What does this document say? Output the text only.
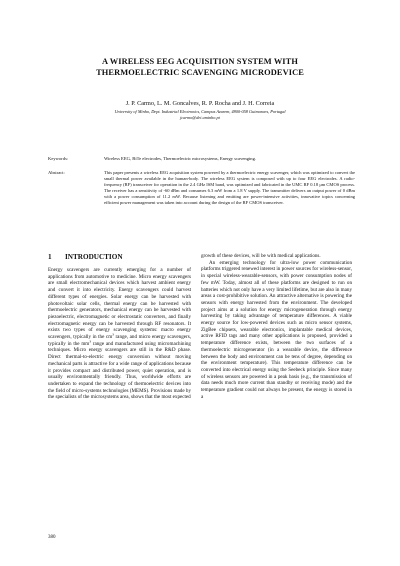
A WIRELESS EEG ACQUISITION SYSTEM WITH
THERMOELECTRIC SCAVENGING MICRODEVICE
J. P. Carmo, L. M. Goncalves, R. P. Rocha and J. H. Correia
University of Minho, Dept. Industrial Electronics, Campus Azurem, 4800-058 Guimaraes, Portugal
jcarmo@dei.uminho.pt
Keywords:	Wireless EEG, BiTe electrodes, Thermoelectric microsystems, Energy scavenging.
Abstract:	This paper presents a wireless EEG acquisition system powered by a thermoelectric energy scavenger, which was optimized to convert the small thermal power available in the human-body. The wireless EEG system is composed with up to four EEG electrodes. A radio-frequency (RF) transceiver for operation in the 2.4 GHz ISM band, was optimized and fabricated in the UMC RF 0.18 μm CMOS process. The receiver has a sensitivity of -60 dBm and consumes 6.3 mW from a 1.8 V supply. The transmitter delivers an output power of 0 dBm with a power consumption of 11.2 mW. Because listening and emitting are power-intensive activities, innovative topics concerning efficient power management was taken into account during the design of the RF CMOS transceiver.
1 INTRODUCTION

Energy scavengers are currently emerging for a number of applications from automotive to medicine. Micro energy scavengers are small electromechanical devices which harvest ambient energy and convert it into electricity. Energy scavengers could harvest different types of energies. Solar energy can be harvested with photovoltaic solar cells, thermal energy can be harvested with thermoelectric generators, mechanical energy can be harvested with piezoelectric, electromagnetic or electrostatic converters, and finally electromagnetic energy can be harvested through RF resonators. It exists two types of energy scavenging systems: macro energy scavengers, typically in the $cm^3$ range, and micro energy scavengers, typically in the $mm^3$ range and manufactured using micromachining techniques. Micro energy scavengers are still in the R&D phase. Direct thermal-to-electric energy conversion without moving mechanical parts is attractive for a wide range of applications because it provides compact and distributed power, quiet operation, and is usually environmentally friendly. Thus, worldwide efforts are undertaken to expand the technology of thermoelectric devices into the field of micro-systems technologies (MEMS). Provisions made by the specialists of the microsystems area, shows that the most expected

growth of these devices, will be with medical applications.

An emerging technology for ultra-low power communication platforms triggered renewed interest in power sources for wireless-sensor, in special wireless-wearable-sensors, with power consumption nodes of few mW. Today, almost all of these platforms are designed to run on batteries which not only have a very limited lifetime, but are also in many areas a cost-prohibitive solution. An attractive alternative is powering the sensors with energy harvested from the environment. The developed project aims at a solution for energy microgeneration through energy harvesting by taking advantage of temperature differences. A viable energy source for low-powered devices such as micro sensor systems, ZigBee chipsets, wearable electronics, implantable medical devices, active RFID tags and many other applications is proposed, provided a temperature difference exists, between the two surfaces of a thermoelectric microgenerator (in a wearable device, the difference between the body and environment can be tens of degree, depending on the environment temperature). This temperature difference can be converted into electrical energy using the Seebeck principle. Since many of wireless sensors are powered in a peak basis (e.g., the transmission of data needs much more current than standby or receiving mode) and the temperature gradient could not always be present, the energy is stored in a

380
